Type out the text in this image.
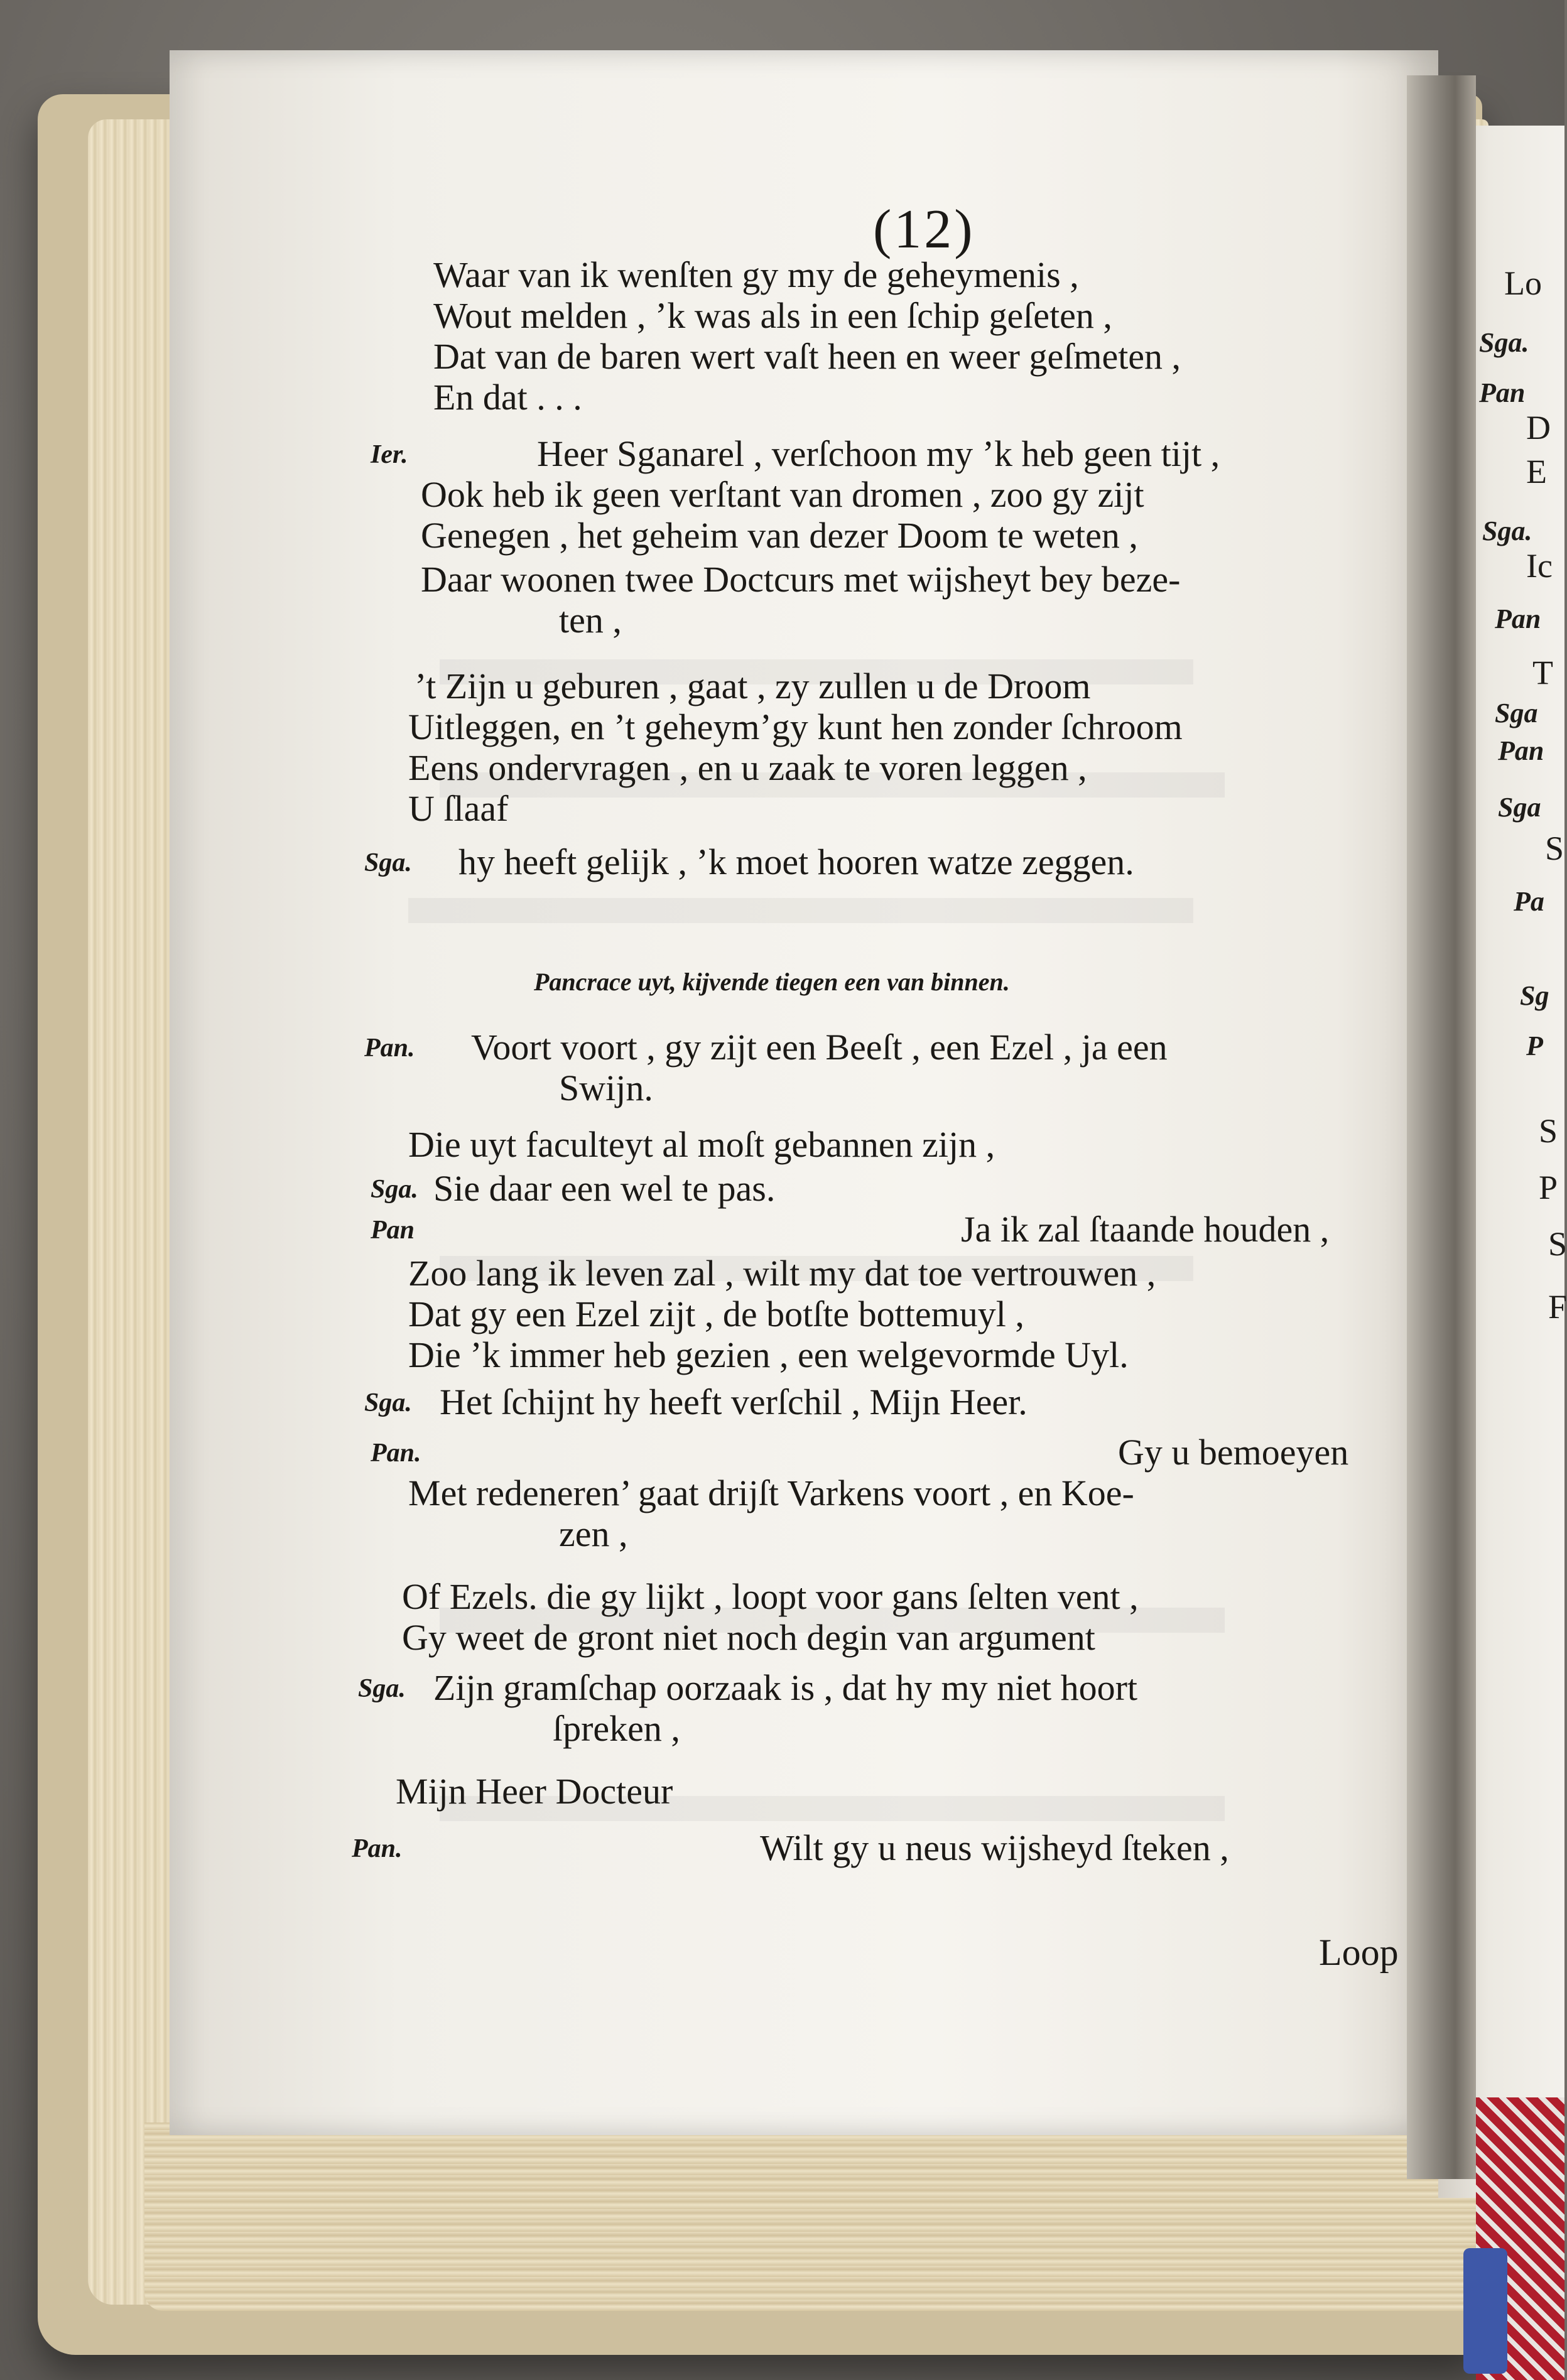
(12)
Waar van ik wenſten gy my de geheymenis ,
Wout melden , ’k was als in een ſchip geſeten ,
Dat van de baren wert vaſt heen en weer geſmeten ,
En dat . . .
Heer Sganarel , verſchoon my ’k heb geen tijt ,
Ier.
Ook heb ik geen verſtant van dromen , zoo gy zijt
Genegen , het geheim van dezer Doom te weten ,
Daar woonen twee Doctcurs met wijsheyt bey beze-
ten ,
’t Zijn u geburen , gaat , zy zullen u de Droom
Uitleggen, en ’t geheym’gy kunt hen zonder ſchroom
Eens ondervragen , en u zaak te voren leggen ,
U ſlaaf
hy heeft gelijk , ’k moet hooren watze zeggen.
Sga.
Pancrace uyt, kijvende tiegen een van binnen.
Voort voort , gy zijt een Beeſt , een Ezel , ja een
Pan.
Swijn.
Die uyt faculteyt al moſt gebannen zijn ,
Sie daar een wel te pas.
Sga.
Ja ik zal ſtaande houden ,
Pan
Zoo lang ik leven zal , wilt my dat toe vertrouwen ,
Dat gy een Ezel zijt , de botſte bottemuyl ,
Die ’k immer heb gezien , een welgevormde Uyl.
Het ſchijnt hy heeft verſchil , Mijn Heer.
Sga.
Gy u bemoeyen
Pan.
Met redeneren’ gaat drijſt Varkens voort , en Koe-
zen ,
Of Ezels. die gy lijkt , loopt voor gans ſelten vent ,
Gy weet de gront niet noch degin van argument
Zijn gramſchap oorzaak is , dat hy my niet hoort
Sga.
ſpreken ,
Mijn Heer Docteur
Wilt gy u neus wijsheyd ſteken ,
Pan.
Loop
Lo
Sga.
Pan
D
E
Sga.
Ic
Pan
T
Sga
Pan
Sga
S
Pa
Sg
P
S
P
S
F
